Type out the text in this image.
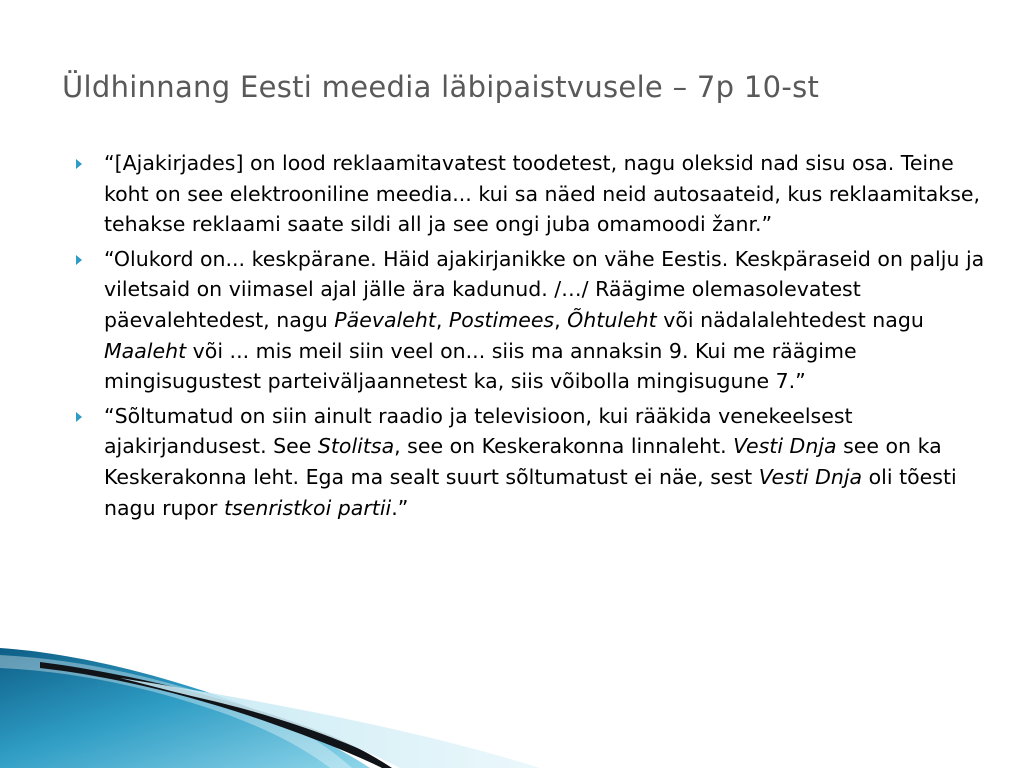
Üldhinnang Eesti meedia läbipaistvusele – 7p 10-st
“[Ajakirjades] on lood reklaamitavatest toodetest, nagu oleksid nad sisu osa. Teine koht on see elektrooniline meedia... kui sa näed neid autosaateid, kus reklaamitakse, tehakse reklaami saate sildi all ja see ongi juba omamoodi žanr.”
“Olukord on... keskpärane. Häid ajakirjanikke on vähe Eestis. Keskpäraseid on palju ja viletsaid on viimasel ajal jälle ära kadunud. /…/ Räägime olemasolevatest päevalehtedest, nagu Päevaleht, Postimees, Õhtuleht või nädalalehtedest nagu Maaleht või ... mis meil siin veel on... siis ma annaksin 9. Kui me räägime mingisugustest parteiväljaannetest ka, siis võibolla mingisugune 7.”
“Sõltumatud on siin ainult raadio ja televisioon, kui rääkida venekeelsest ajakirjandusest. See Stolitsa, see on Keskerakonna linnaleht. Vesti Dnja see on ka Keskerakonna leht. Ega ma sealt suurt sõltumatust ei näe, sest Vesti Dnja oli tõesti nagu rupor tsenristkoi partii.”
